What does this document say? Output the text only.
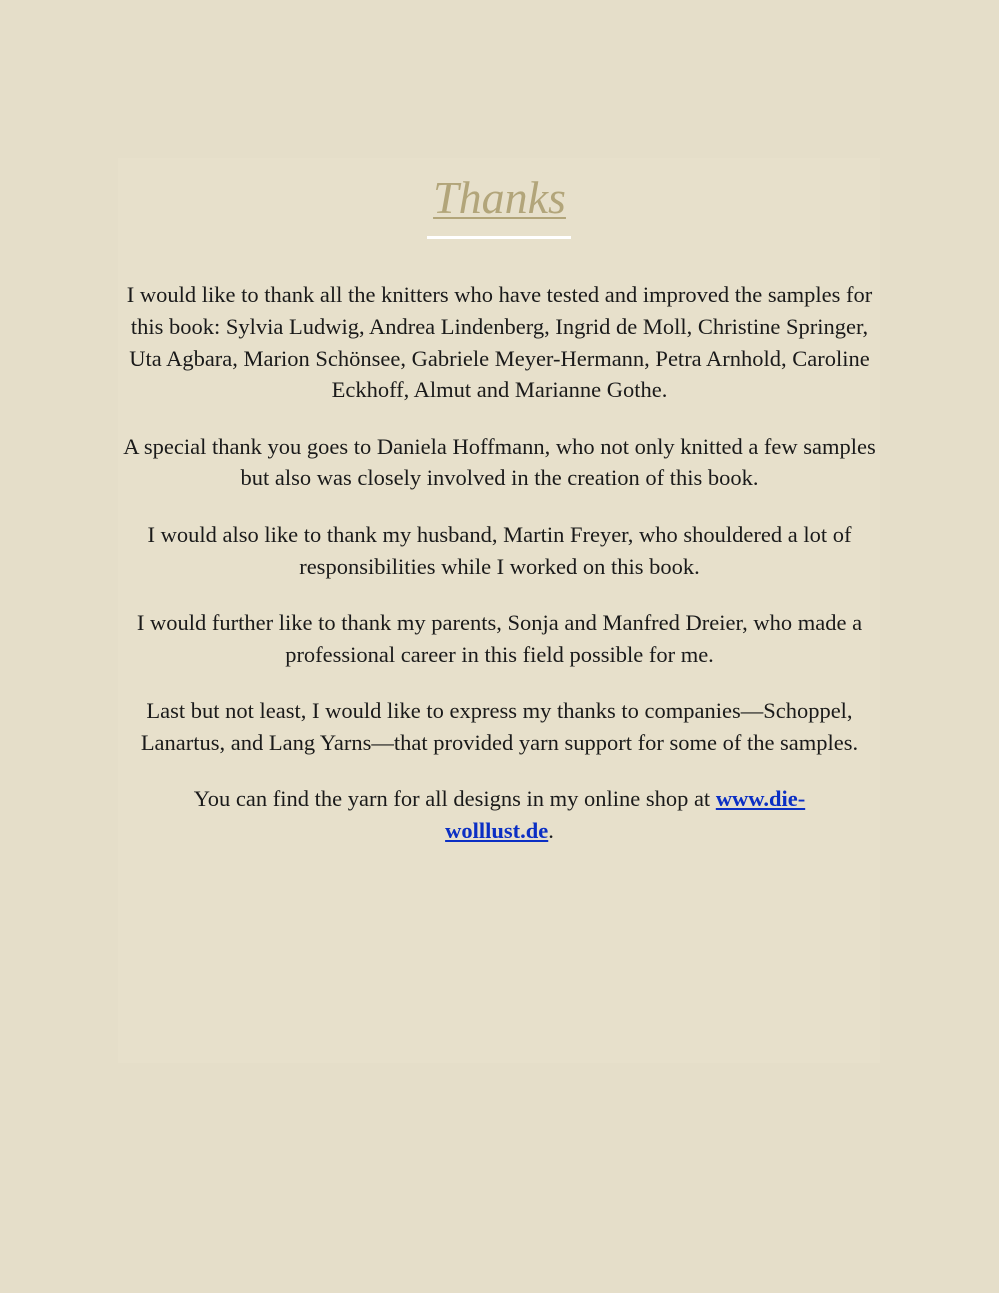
Thanks

I would like to thank all the knitters who have tested and improved the samples for this book: Sylvia Ludwig, Andrea Lindenberg, Ingrid de Moll, Christine Springer, Uta Agbara, Marion Schönsee, Gabriele Meyer-Hermann, Petra Arnhold, Caroline Eckhoff, Almut and Marianne Gothe.

A special thank you goes to Daniela Hoffmann, who not only knitted a few samples but also was closely involved in the creation of this book.

I would also like to thank my husband, Martin Freyer, who shouldered a lot of responsibilities while I worked on this book.

I would further like to thank my parents, Sonja and Manfred Dreier, who made a professional career in this field possible for me.

Last but not least, I would like to express my thanks to companies—Schoppel, Lanartus, and Lang Yarns—that provided yarn support for some of the samples.

You can find the yarn for all designs in my online shop at www.die-
wolllust.de.
